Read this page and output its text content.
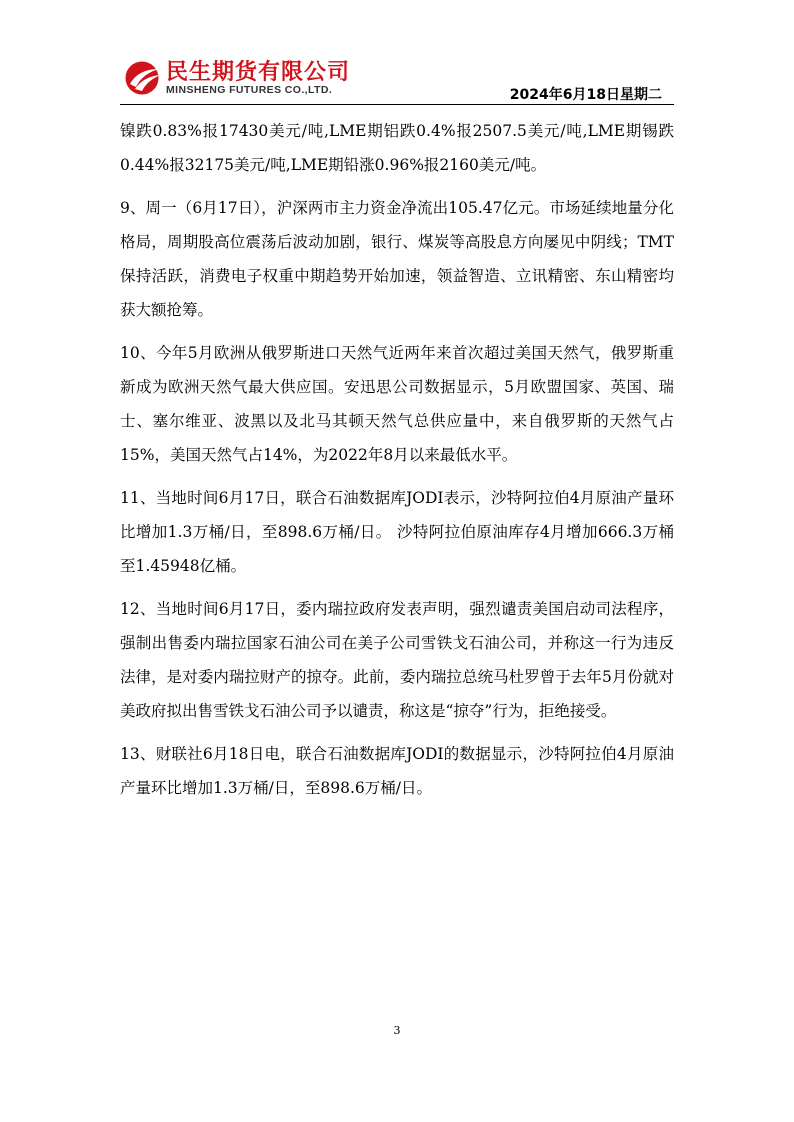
民生期货有限公司
MINSHENG FUTURES CO.,LTD.	2024年6月18日星期二

镍跌0.83%报17430美元/吨,LME期铝跌0.4%报2507.5美元/吨,LME期锡跌0.44%报32175美元/吨,LME期铅涨0.96%报2160美元/吨。

9、周一（6月17日），沪深两市主力资金净流出105.47亿元。市场延续地量分化格局，周期股高位震荡后波动加剧，银行、煤炭等高股息方向屡见中阴线；TMT保持活跃，消费电子权重中期趋势开始加速，领益智造、立讯精密、东山精密均获大额抢筹。

10、今年5月欧洲从俄罗斯进口天然气近两年来首次超过美国天然气，俄罗斯重新成为欧洲天然气最大供应国。安迅思公司数据显示，5月欧盟国家、英国、瑞士、塞尔维亚、波黑以及北马其顿天然气总供应量中，来自俄罗斯的天然气占15%，美国天然气占14%，为2022年8月以来最低水平。

11、当地时间6月17日，联合石油数据库JODI表示，沙特阿拉伯4月原油产量环比增加1.3万桶/日，至898.6万桶/日。 沙特阿拉伯原油库存4月增加666.3万桶至1.45948亿桶。

12、当地时间6月17日，委内瑞拉政府发表声明，强烈谴责美国启动司法程序，强制出售委内瑞拉国家石油公司在美子公司雪铁戈石油公司，并称这一行为违反法律，是对委内瑞拉财产的掠夺。此前，委内瑞拉总统马杜罗曾于去年5月份就对美政府拟出售雪铁戈石油公司予以谴责，称这是“掠夺”行为，拒绝接受。

13、财联社6月18日电，联合石油数据库JODI的数据显示，沙特阿拉伯4月原油产量环比增加1.3万桶/日，至898.6万桶/日。

3
